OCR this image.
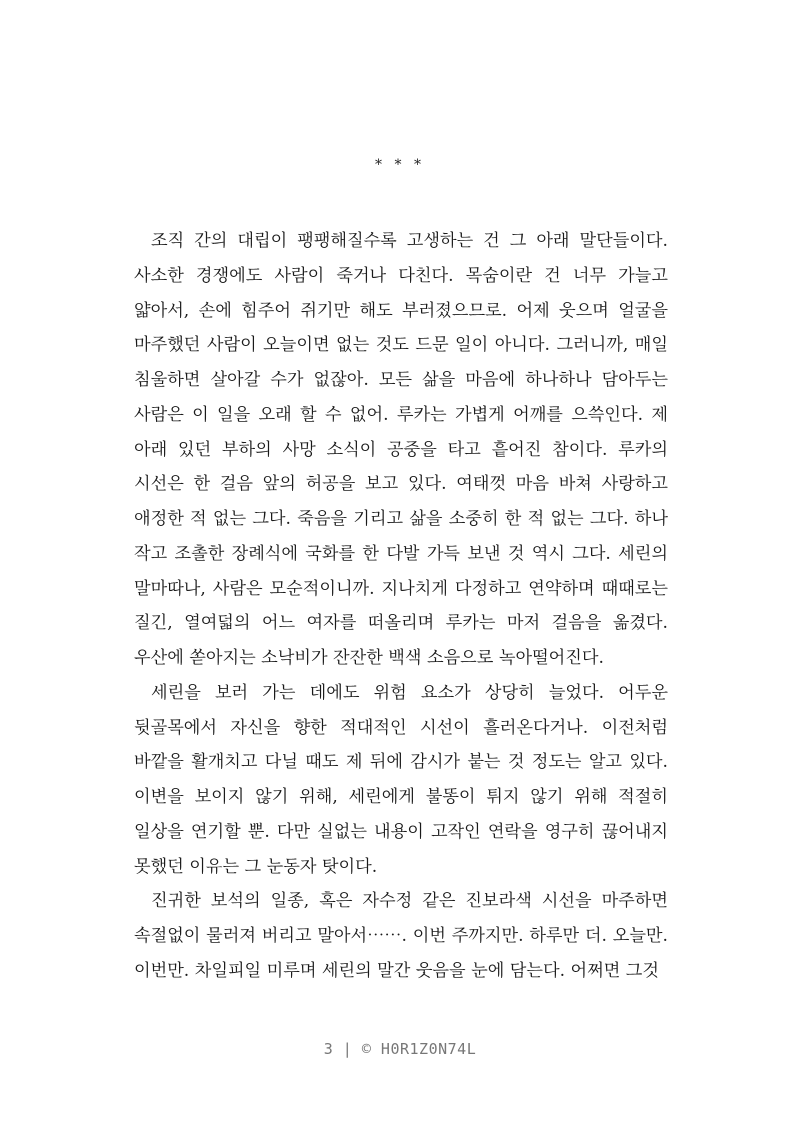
* * *

조직 간의 대립이 팽팽해질수록 고생하는 건 그 아래 말단들이다. 사소한 경쟁에도 사람이 죽거나 다친다. 목숨이란 건 너무 가늘고 얇아서, 손에 힘주어 쥐기만 해도 부러졌으므로. 어제 웃으며 얼굴을 마주했던 사람이 오늘이면 없는 것도 드문 일이 아니다. 그러니까, 매일 침울하면 살아갈 수가 없잖아. 모든 삶을 마음에 하나하나 담아두는 사람은 이 일을 오래 할 수 없어. 루카는 가볍게 어깨를 으쓱인다. 제 아래 있던 부하의 사망 소식이 공중을 타고 흩어진 참이다. 루카의 시선은 한 걸음 앞의 허공을 보고 있다. 여태껏 마음 바쳐 사랑하고 애정한 적 없는 그다. 죽음을 기리고 삶을 소중히 한 적 없는 그다. 하나 작고 조촐한 장례식에 국화를 한 다발 가득 보낸 것 역시 그다. 세린의 말마따나, 사람은 모순적이니까. 지나치게 다정하고 연약하며 때때로는 질긴, 열여덟의 어느 여자를 떠올리며 루카는 마저 걸음을 옮겼다. 우산에 쏟아지는 소낙비가 잔잔한 백색 소음으로 녹아떨어진다.

세린을 보러 가는 데에도 위험 요소가 상당히 늘었다. 어두운 뒷골목에서 자신을 향한 적대적인 시선이 흘러온다거나. 이전처럼 바깥을 활개치고 다닐 때도 제 뒤에 감시가 붙는 것 정도는 알고 있다. 이변을 보이지 않기 위해, 세린에게 불똥이 튀지 않기 위해 적절히 일상을 연기할 뿐. 다만 실없는 내용이 고작인 연락을 영구히 끊어내지 못했던 이유는 그 눈동자 탓이다.

진귀한 보석의 일종, 혹은 자수정 같은 진보라색 시선을 마주하면 속절없이 물러져 버리고 말아서⋯⋯. 이번 주까지만. 하루만 더. 오늘만. 이번만. 차일피일 미루며 세린의 말간 웃음을 눈에 담는다. 어쩌면 그것

3 | © H0R1Z0N74L
